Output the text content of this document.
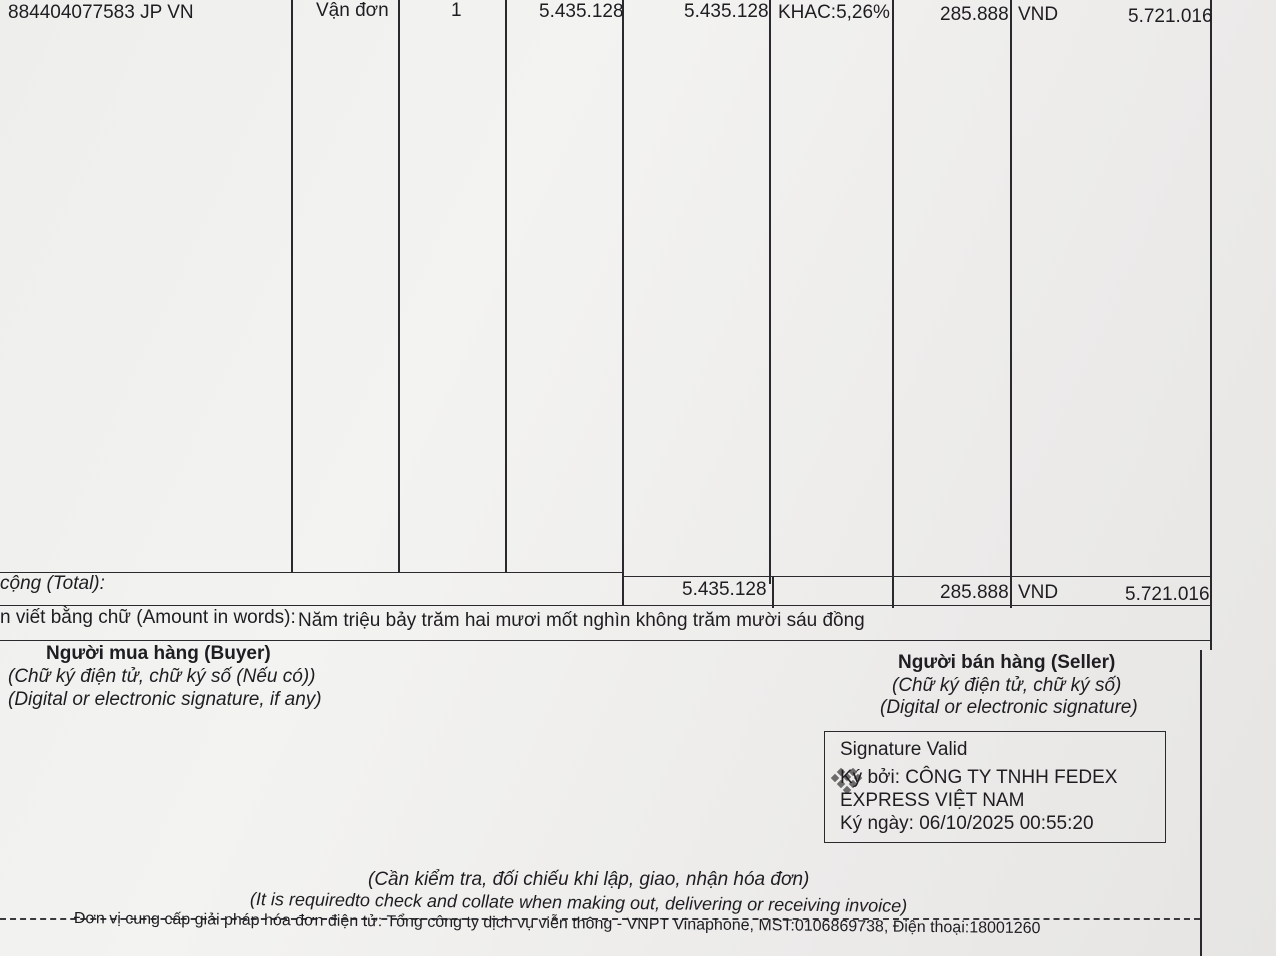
884404077583 JP VN	Vận đơn	1	5.435.128	5.435.128 KHAC:5,26%	285.888 VND	5.721.016
cộng (Total):	5.435.128	285.888 VND	5.721.016
n viết bằng chữ (Amount in words): Năm triệu bảy trăm hai mươi mốt nghìn không trăm mười sáu đồng
Người mua hàng (Buyer)
(Chữ ký điện tử, chữ ký số (Nếu có))
(Digital or electronic signature, if any)
Người bán hàng (Seller)
(Chữ ký điện tử, chữ ký số)
(Digital or electronic signature)
Signature Valid
Ký bởi: CÔNG TY TNHH FEDEX
EXPRESS VIỆT NAM
Ký ngày: 06/10/2025 00:55:20
(Cần kiểm tra, đối chiếu khi lập, giao, nhận hóa đơn)
(It is requiredto check and collate when making out, delivering or receiving invoice)
Đơn vị cung cấp giải pháp hóa đơn điện tử: Tổng công ty dịch vụ viễn thông - VNPT Vinaphone, MST:0106869738, Điện thoại:18001260
